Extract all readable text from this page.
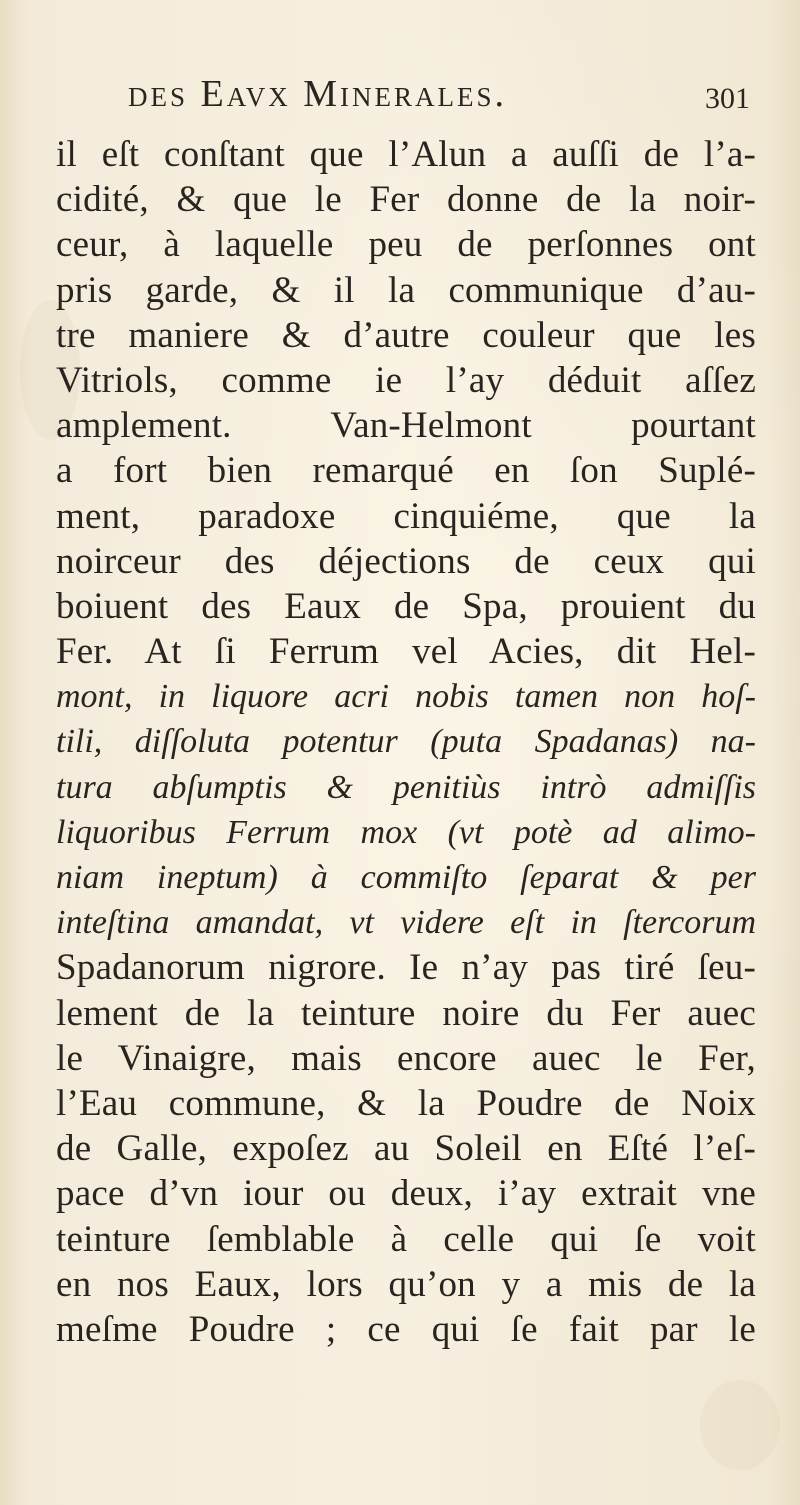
des Eavx Minerales.	301
il eſt conſtant que l’Alun a auſſi de l’a-
cidité, & que le Fer donne de la noir-
ceur, à laquelle peu de perſonnes ont
pris garde, & il la communique d’au-
tre maniere & d’autre couleur que les
Vitriols, comme ie l’ay déduit aſſez
amplement. Van-Helmont pourtant
a fort bien remarqué en ſon Suplé-
ment, paradoxe cinquiéme, que la
noirceur des déjections de ceux qui
boiuent des Eaux de Spa, prouient du
Fer. At ſi Ferrum vel Acies, dit Hel-
mont, in liquore acri nobis tamen non hoſ-
tili, diſſoluta potentur (puta Spadanas) na-
tura abſumptis & penitiùs intrò admiſſis
liquoribus Ferrum mox (vt potè ad alimo-
niam ineptum) à commiſto ſeparat & per
inteſtina amandat, vt videre eſt in ſtercorum
Spadanorum nigrore. Ie n’ay pas tiré ſeu-
lement de la teinture noire du Fer auec
le Vinaigre, mais encore auec le Fer,
l’Eau commune, & la Poudre de Noix
de Galle, expoſez au Soleil en Eſté l’eſ-
pace d’vn iour ou deux, i’ay extrait vne
teinture ſemblable à celle qui ſe voit
en nos Eaux, lors qu’on y a mis de la
meſme Poudre ; ce qui ſe fait par le
